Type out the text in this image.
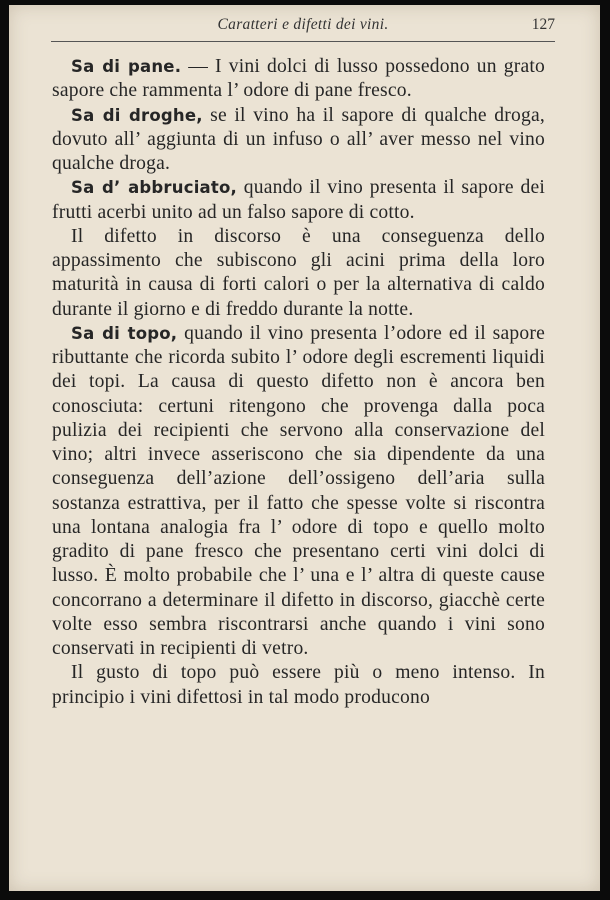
Caratteri e difetti dei vini.	127

Sa di pane. — I vini dolci di lusso possedono un grato sapore che rammenta l’ odore di pane fresco.

Sa di droghe, se il vino ha il sapore di qualche droga, dovuto all’ aggiunta di un infuso o all’ aver messo nel vino qualche droga.

Sa d’ abbruciato, quando il vino presenta il sapore dei frutti acerbi unito ad un falso sapore di cotto.

Il difetto in discorso è una conseguenza dello appassimento che subiscono gli acini prima della loro maturità in causa di forti calori o per la alternativa di caldo durante il giorno e di freddo durante la notte.

Sa di topo, quando il vino presenta l’odore ed il sapore ributtante che ricorda subito l’ odore degli escrementi liquidi dei topi. La causa di questo difetto non è ancora ben conosciuta: certuni ritengono che provenga dalla poca pulizia dei recipienti che servono alla conservazione del vino; altri invece asseriscono che sia dipendente da una conseguenza dell’azione dell’ossigeno dell’aria sulla sostanza estrattiva, per il fatto che spesse volte si riscontra una lontana analogia fra l’ odore di topo e quello molto gradito di pane fresco che presentano certi vini dolci di lusso. È molto probabile che l’ una e l’ altra di queste cause concorrano a determinare il difetto in discorso, giacchè certe volte esso sembra riscontrarsi anche quando i vini sono conservati in recipienti di vetro.

Il gusto di topo può essere più o meno intenso. In principio i vini difettosi in tal modo producono
